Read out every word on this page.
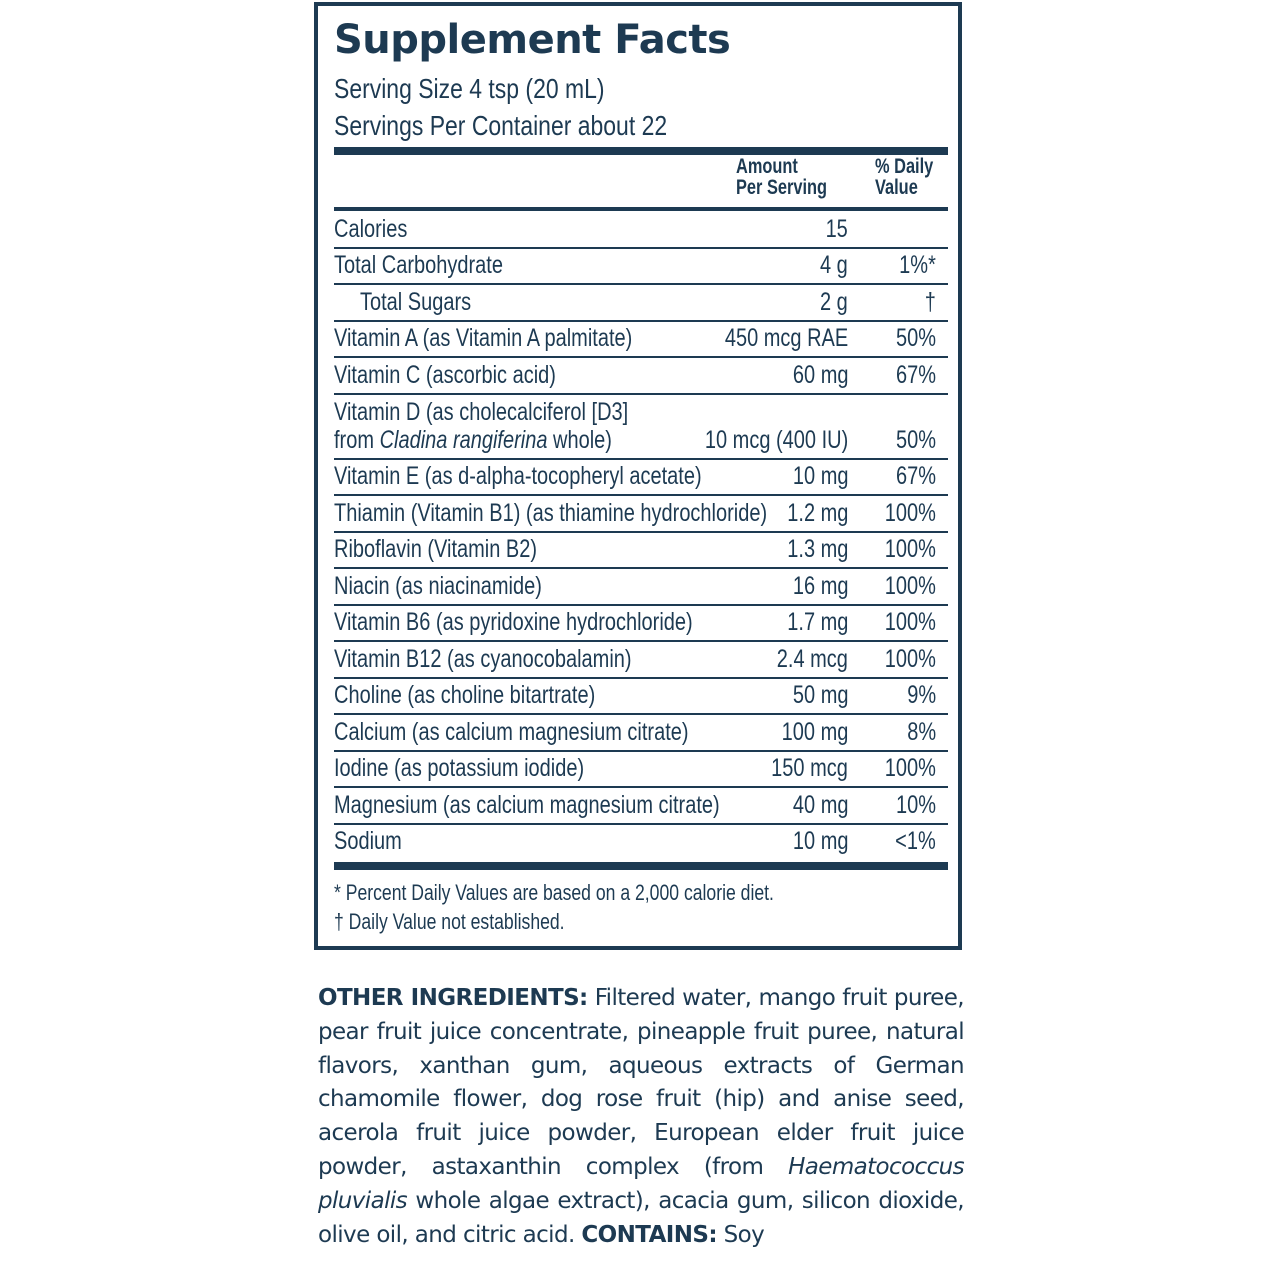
Supplement Facts
Serving Size 4 tsp (20 mL)
Servings Per Container about 22
Amount
Per Serving
% Daily
Value
Calories	15
Total Carbohydrate	4 g 1%*
Total Sugars	2 g	†
Vitamin A (as Vitamin A palmitate)	450 mcg RAE 50%
Vitamin C (ascorbic acid)	60 mg 67%
Vitamin D (as cholecalciferol [D3]
from Cladina rangiferina whole)	10 mcg (400 IU) 50%
Vitamin E (as d-alpha-tocopheryl acetate)	10 mg 67%
Thiamin (Vitamin B1) (as thiamine hydrochloride) 1.2 mg 100%
Riboflavin (Vitamin B2)	1.3 mg 100%
Niacin (as niacinamide)	16 mg 100%
Vitamin B6 (as pyridoxine hydrochloride)	1.7 mg 100%
Vitamin B12 (as cyanocobalamin)	2.4 mcg 100%
Choline (as choline bitartrate)	50 mg 9%
Calcium (as calcium magnesium citrate)	100 mg 8%
Iodine (as potassium iodide)	150 mcg 100%
Magnesium (as calcium magnesium citrate)	40 mg 10%
Sodium	10 mg <1%
* Percent Daily Values are based on a 2,000 calorie diet.
† Daily Value not established.
OTHER INGREDIENTS: Filtered water, mango fruit puree, pear fruit juice concentrate, pineapple fruit puree, natural flavors, xanthan gum, aqueous extracts of German chamomile flower, dog rose fruit (hip) and anise seed, acerola fruit juice powder, European elder fruit juice powder, astaxanthin complex (from Haematococcus pluvialis whole algae extract), acacia gum, silicon dioxide, olive oil, and citric acid. CONTAINS: Soy
